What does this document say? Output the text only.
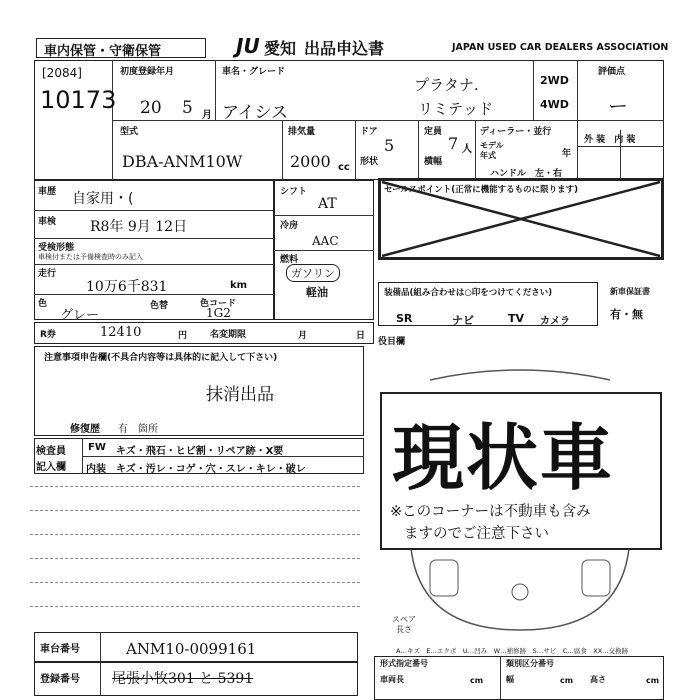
車内保管・守衛保管	JU 愛知 出品申込書	JAPAN USED CAR DEALERS ASSOCIATION
[2084]
10173
初度登録年月
20 5 月
車名・グレード
アイシス
プラタナ.
リミテッド
2WD
4WD
評価点
ー
型式
DBA-ANM10W
排気量
2000 cc
ドア
5
形状
定員
7 人
横幅
ディーラー・並行
モデル
年式	年
ハンドル　左・右
外 装　 内 装
車歴 自家用・(
車検 R8年 9月 12日
受検形態
車検付または予備検査時のみ記入
走行
10万6千831	km
色
グレー
色替	色コード
1G2
シフト
AT
冷房
AAC
燃料
ガソリン
軽油
セールスポイント(正常に機能するものに限ります)
装備品(組み合わせは○印をつけてください)
SR	ナビ	TV カメラ
新車保証書
有・無
R券	12410	円	名変期限	月	日
役目欄
注意事項申告欄(不具合内容等は具体的に記入して下さい)
抹消出品
修復歴 有　箇所
検査員
記入欄
FW キズ・飛石・ヒビ割・リペア跡・X要
内装 キズ・汚レ・コゲ・穴・スレ・キレ・破レ
長さ
スペア
A…キズ　E…エクボ　U…凹み　W…補修跡　S…サビ　C…腐食　XX…交換跡
現状車
※このコーナーは不動車も含み
ますのでご注意下さい
形式指定番号	類別区分番号
車両長	cm	幅	cm 高さ	cm
車台番号	ANM10-0099161
登録番号 尾張小牧301 と 5391
